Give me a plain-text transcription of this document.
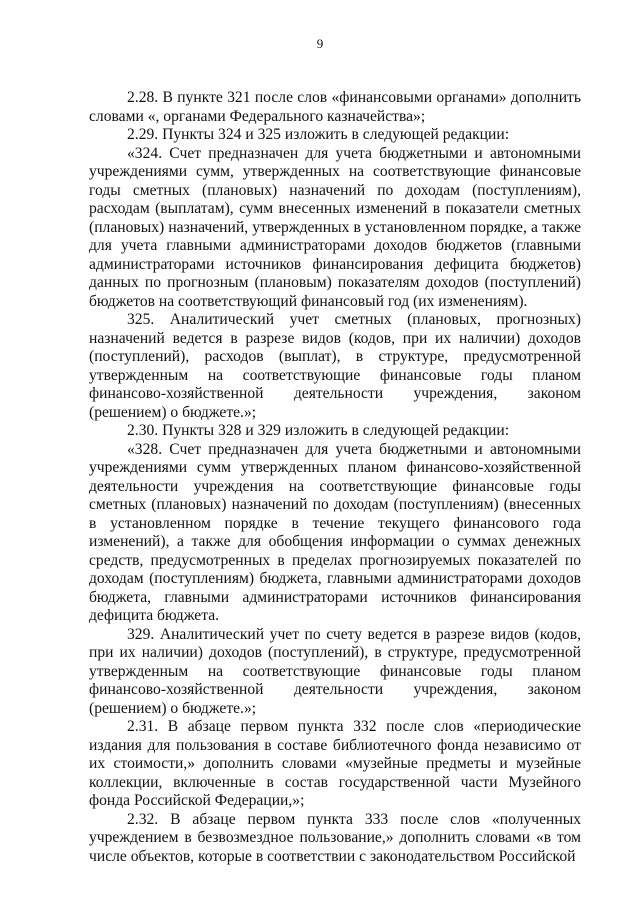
9

2.28. В пункте 321 после слов «финансовыми органами» дополнить словами «, органами Федерального казначейства»;

2.29. Пункты 324 и 325 изложить в следующей редакции:

«324. Счет предназначен для учета бюджетными и автономными учреждениями сумм, утвержденных на соответствующие финансовые годы сметных (плановых) назначений по доходам (поступлениям), расходам (выплатам), сумм внесенных изменений в показатели сметных (плановых) назначений, утвержденных в установленном порядке, а также для учета главными администраторами доходов бюджетов (главными администраторами источников финансирования дефицита бюджетов) данных по прогнозным (плановым) показателям доходов (поступлений) бюджетов на соответствующий финансовый год (их изменениям).

325. Аналитический учет сметных (плановых, прогнозных) назначений ведется в разрезе видов (кодов, при их наличии) доходов (поступлений), расходов (выплат), в структуре, предусмотренной утвержденным на соответствующие финансовые годы планом финансово-хозяйственной деятельности учреждения, законом (решением) о бюджете.»;

2.30. Пункты 328 и 329 изложить в следующей редакции:

«328. Счет предназначен для учета бюджетными и автономными учреждениями сумм утвержденных планом финансово-хозяйственной деятельности учреждения на соответствующие финансовые годы сметных (плановых) назначений по доходам (поступлениям) (внесенных в установленном порядке в течение текущего финансового года изменений), а также для обобщения информации о суммах денежных средств, предусмотренных в пределах прогнозируемых показателей по доходам (поступлениям) бюджета, главными администраторами доходов бюджета, главными администраторами источников финансирования дефицита бюджета.

329. Аналитический учет по счету ведется в разрезе видов (кодов, при их наличии) доходов (поступлений), в структуре, предусмотренной утвержденным на соответствующие финансовые годы планом финансово-хозяйственной деятельности учреждения, законом (решением) о бюджете.»;

2.31. В абзаце первом пункта 332 после слов «периодические издания для пользования в составе библиотечного фонда независимо от их стоимости,» дополнить словами «музейные предметы и музейные коллекции, включенные в состав государственной части Музейного фонда Российской Федерации,»;

2.32. В абзаце первом пункта 333 после слов «полученных учреждением в безвозмездное пользование,» дополнить словами «в том числе объектов, которые в соответствии с законодательством Российской
